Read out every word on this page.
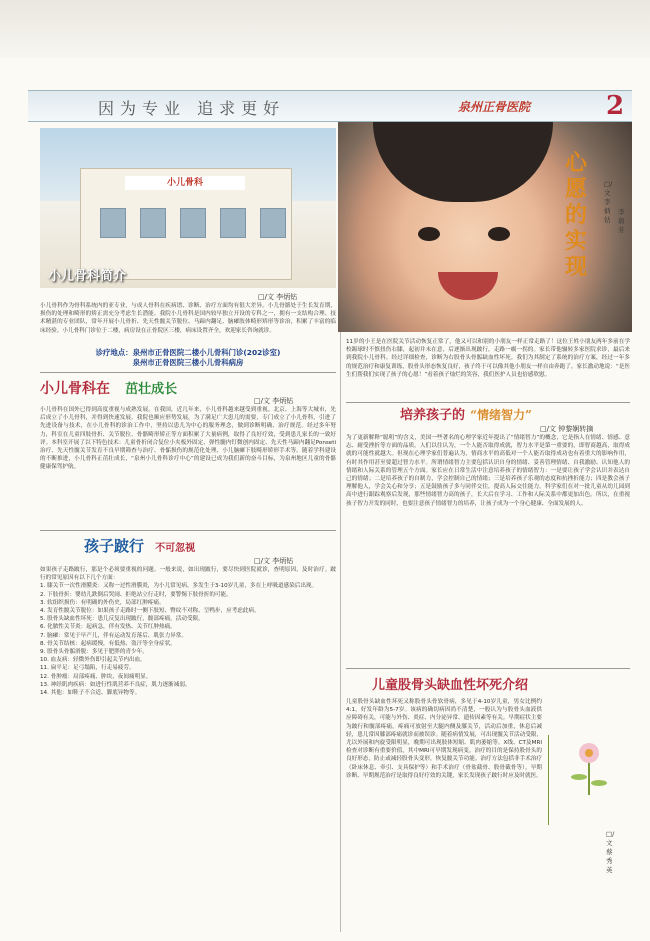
因为专业 追求更好	泉州正骨医院	2
小儿骨科
小儿骨科简介
□/文 李炳钻
小儿骨科作为骨科系统内的亚专业，与成人骨科在疾病谱、诊断、治疗方面均有很大差异。小儿骨骼处于生长发育期，损伤的处理和畸形的矫正需充分考虑生长潜能。我院小儿骨科是国内较早独立开设的专科之一，拥有一支结构合理、技术精湛的专业团队，常年开展小儿骨折、先天性髋关节脱位、马蹄内翻足、脑瘫肢体畸形矫形等诊治，积累了丰富的临床经验。小儿骨科门诊位于二楼，病房设在正骨院区三楼，病床设置齐全，欢迎家长咨询就诊。
诊疗地点：泉州市正骨医院二楼小儿骨科门诊(202诊室)
泉州市正骨医院三楼小儿骨科病房
小儿骨科在 茁壮成长
□/文 李炳钻
小儿骨科在国外已得到高度重视与成熟发展。在我国，近几年来，小儿骨科越来越受到重视。北京、上海等大城市，先后成立了小儿骨科，并得到快速发展。我院也顺应形势发展，为了满足广大患儿的需要，专门成立了小儿骨科，引进了先进设备与技术，在小儿骨科的诊治工作中，坚持以患儿为中心的服务理念，做到诊断明确、治疗规范。经过多年努力，科室在儿童四肢骨折、关节脱位、骨骼畸形矫正等方面积累了大量病例，取得了良好疗效，受到患儿家长的一致好评。本科室开展了以下特色技术：儿童骨折闭合复位小夹板外固定、弹性髓内钉微创内固定、先天性马蹄内翻足Ponseti治疗、先天性髋关节发育不良早期筛查与治疗、骨骺损伤的规范化处理、小儿脑瘫下肢畸形矫形手术等。随着学科建设的不断推进，小儿骨科正茁壮成长，“泉州小儿骨科诊疗中心”的建设已成为我们新的奋斗目标，为泉州地区儿童的骨骼健康保驾护航。
孩子跛行 不可忽视
□/文 李炳钻
如果孩子走路跛行，那是个必须要重视的问题。一般来说，如出现跛行，要尽快到医院就诊，查明原因，及时治疗。跛行的常见原因有以下几个方面：
1. 膝关节一次性滑膜炎：又称一过性滑膜炎，为小儿常见病，多发生于3-10岁儿童，多在上呼吸道感染后出现。
2. 下肢骨折：婴幼儿跌倒后哭闹、拒绝站立行走时，要警惕下肢骨折的可能。
3. 软组织损伤：有明确的外伤史，局部红肿疼痛。
4. 发育性髋关节脱位：如果孩子走路时一侧下肢短、臀纹不对称、呈鸭步，应考虑此病。
5. 股骨头缺血性坏死：患儿反复出现跛行，髋部疼痛，活动受限。
6. 化脓性关节炎：起病急，伴有发热、关节红肿热痛。
7. 脑瘫：常见于早产儿，伴有运动发育落后、肌张力异常。
8. 骨关节结核：起病缓慢，有低热、盗汗等全身症状。
9. 股骨头骨骺滑脱：多见于肥胖的青少年。
10. 血友病：轻微外伤即引起关节内出血。
11. 扁平足：足弓塌陷，行走易疲劳。
12. 骨肿瘤：局部疼痛、肿块，夜间痛明显。
13. 神经肌肉疾病：如进行性肌营养不良症，肌力逐渐减弱。
14. 其他：如鞋子不合适、脚底异物等。
心愿的实现
□/文 李炳钻
李碧芳
11岁的小王是在医院关节活动恢复正常了，他又可以和别的小朋友一样正常走路了！这位王姓小朋友两年多前在学校踢球时不慎扭伤右膝，起初并未在意，后逐渐出现跛行，走路一瘸一拐的。家长带他辗转多家医院求诊，最后来到我院小儿骨科。经过详细检查，诊断为右股骨头骨骺缺血性坏死。我们为其制定了系统的治疗方案，经过一年多的规范治疗和康复训练，股骨头形态恢复良好，孩子终于可以像其他小朋友一样自由奔跑了。家长激动地说：“是医生们帮我们实现了孩子的心愿！”看着孩子灿烂的笑容，我们医护人员也倍感欣慰。
培养孩子的 “情绪智力”
□/文 钟黎娴转摘
为了更新解释“聪明”的含义，美国一些著名的心理学家近年提出了“情绪智力”的概念，它是指人在情绪、情感、意志、耐受挫折等方面的品质。人们以往认为，一个人能否取得成就，智力水平是第一重要的，即智商越高，取得成就的可能性就越大。但现在心理学家们普遍认为，情商水平的高低对一个人能否取得成功也有着重大的影响作用，有时其作用甚至要超过智力水平。所谓情绪智力主要包括认识自身的情绪、妥善管理情绪、自我激励、认知他人的情绪和人际关系的管理五个方面。家长应在日常生活中注意培养孩子的情绪智力：一是要让孩子学会认识并表达自己的情绪；二是培养孩子的自制力，学会控制自己的情绪；三是培养孩子乐观的态度和抗挫折能力；四是教会孩子理解他人，学会关心和分享；五是鼓励孩子多与同伴交往，提高人际交往能力。科学家们在对一批儿童从幼儿园到高中进行跟踪观察后发现，那些情绪智力高的孩子，长大后在学习、工作和人际关系中都更加出色。所以，在重视孩子智力开发的同时，也要注意孩子情绪智力的培养，让孩子成为一个身心健康、全面发展的人。
儿童股骨头缺血性坏死介绍
儿童股骨头缺血性坏死又称股骨头骨软骨病，多见于4-10岁儿童，男女比例约4:1，好发年龄为5-7岁。该病的确切病因尚不清楚，一般认为与股骨头血液供应障碍有关，可能与外伤、炎症、内分泌异常、遗传因素等有关。早期症状主要为跛行和髋部疼痛，疼痛可放射至大腿内侧及膝关节，活动后加重，休息后减轻，患儿常因膝部疼痛就诊而被误诊。随着病情发展，可出现髋关节活动受限，尤以外展和内旋受限明显，晚期可出现肢体短缩、肌肉萎缩等。X线、CT及MRI检查对诊断有重要价值，其中MRI可早期发现病变。治疗的目的是保持股骨头的良好形态，防止或减轻股骨头变形，恢复髋关节功能。治疗方法包括非手术治疗（卧床休息、牵引、支具保护等）和手术治疗（骨盆截骨、股骨截骨等）。早期诊断、早期规范治疗是取得良好疗效的关键，家长发现孩子跛行时应及时就医。
□/文 蔡秀英
